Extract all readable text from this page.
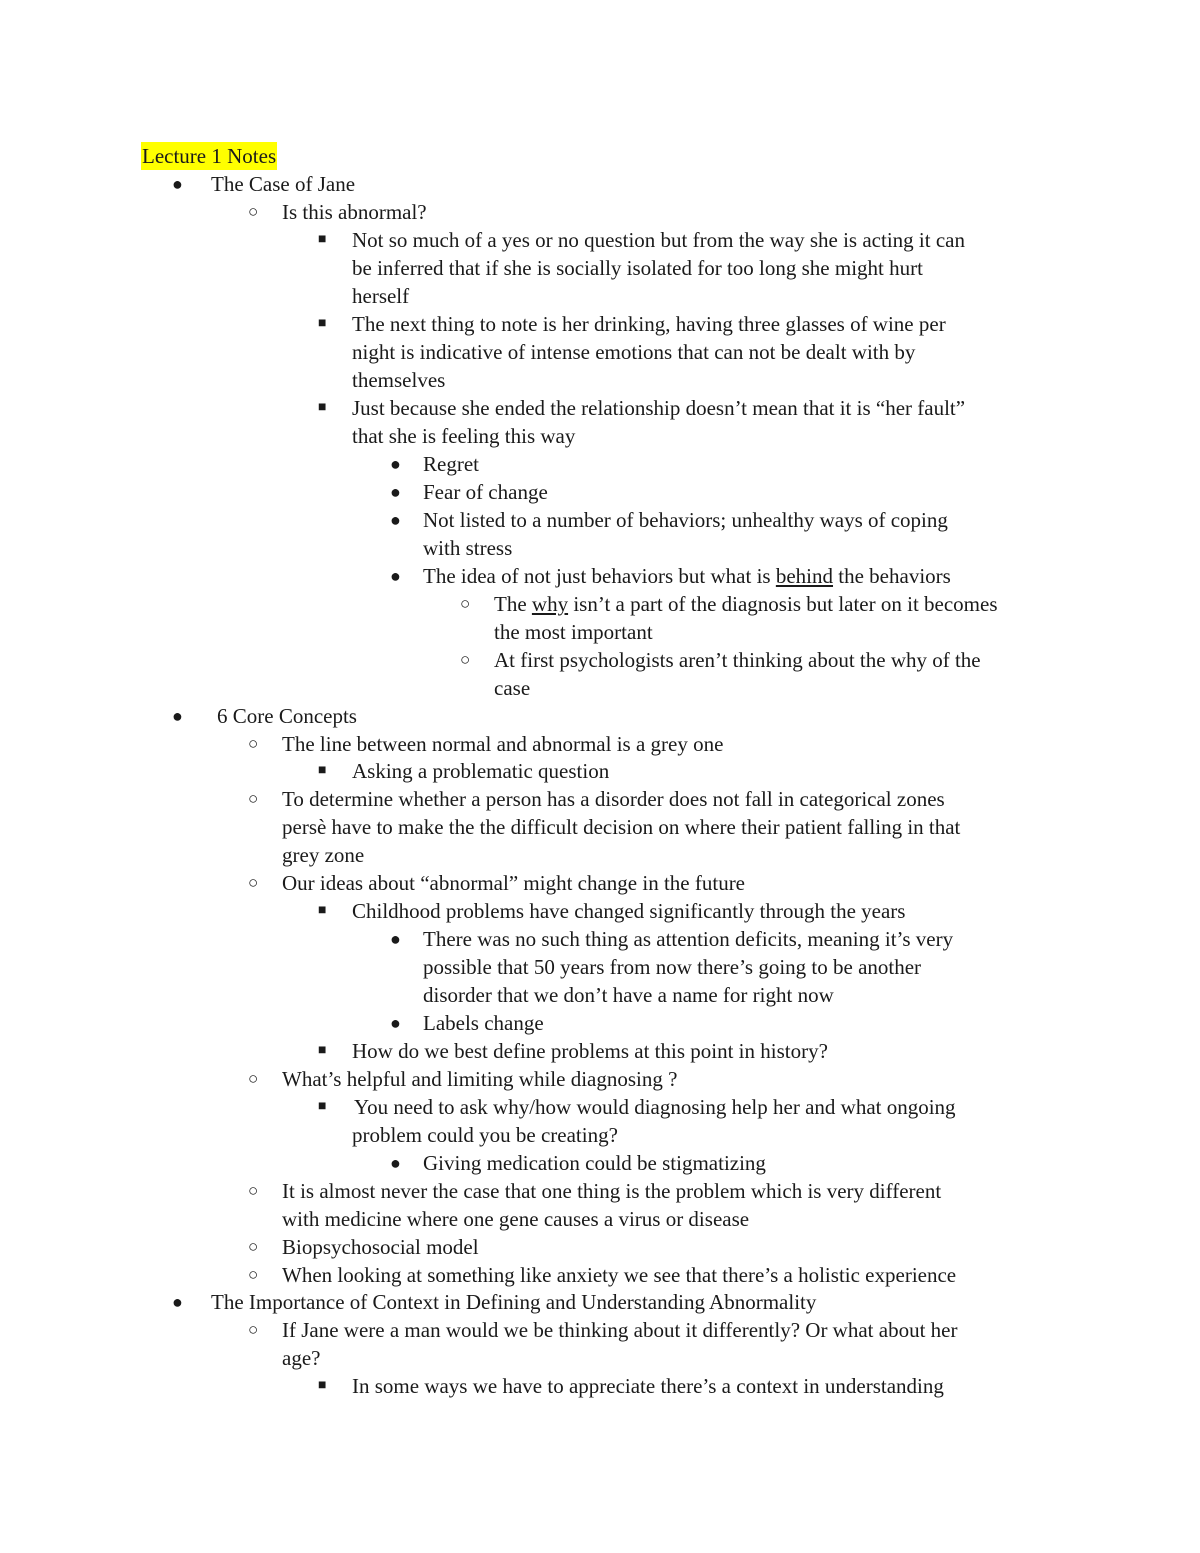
Lecture 1 Notes
● The Case of Jane
○ Is this abnormal?
■ Not so much of a yes or no question but from the way she is acting it can
be inferred that if she is socially isolated for too long she might hurt
herself
■ The next thing to note is her drinking, having three glasses of wine per
night is indicative of intense emotions that can not be dealt with by
themselves
■ Just because she ended the relationship doesn’t mean that it is “her fault”
that she is feeling this way
● Regret
● Fear of change
● Not listed to a number of behaviors; unhealthy ways of coping
with stress
● The idea of not just behaviors but what is behind the behaviors
○ The why isn’t a part of the diagnosis but later on it becomes
the most important
○ At first psychologists aren’t thinking about the why of the
case
● 6 Core Concepts
○ The line between normal and abnormal is a grey one
■ Asking a problematic question
○ To determine whether a person has a disorder does not fall in categorical zones
persè have to make the the difficult decision on where their patient falling in that
grey zone
○ Our ideas about “abnormal” might change in the future
■ Childhood problems have changed significantly through the years
● There was no such thing as attention deficits, meaning it’s very
possible that 50 years from now there’s going to be another
disorder that we don’t have a name for right now
● Labels change
■ How do we best define problems at this point in history?
○ What’s helpful and limiting while diagnosing ?
■ You need to ask why/how would diagnosing help her and what ongoing
problem could you be creating?
● Giving medication could be stigmatizing
○ It is almost never the case that one thing is the problem which is very different
with medicine where one gene causes a virus or disease
○ Biopsychosocial model
○ When looking at something like anxiety we see that there’s a holistic experience
● The Importance of Context in Defining and Understanding Abnormality
○ If Jane were a man would we be thinking about it differently? Or what about her
age?
■ In some ways we have to appreciate there’s a context in understanding
